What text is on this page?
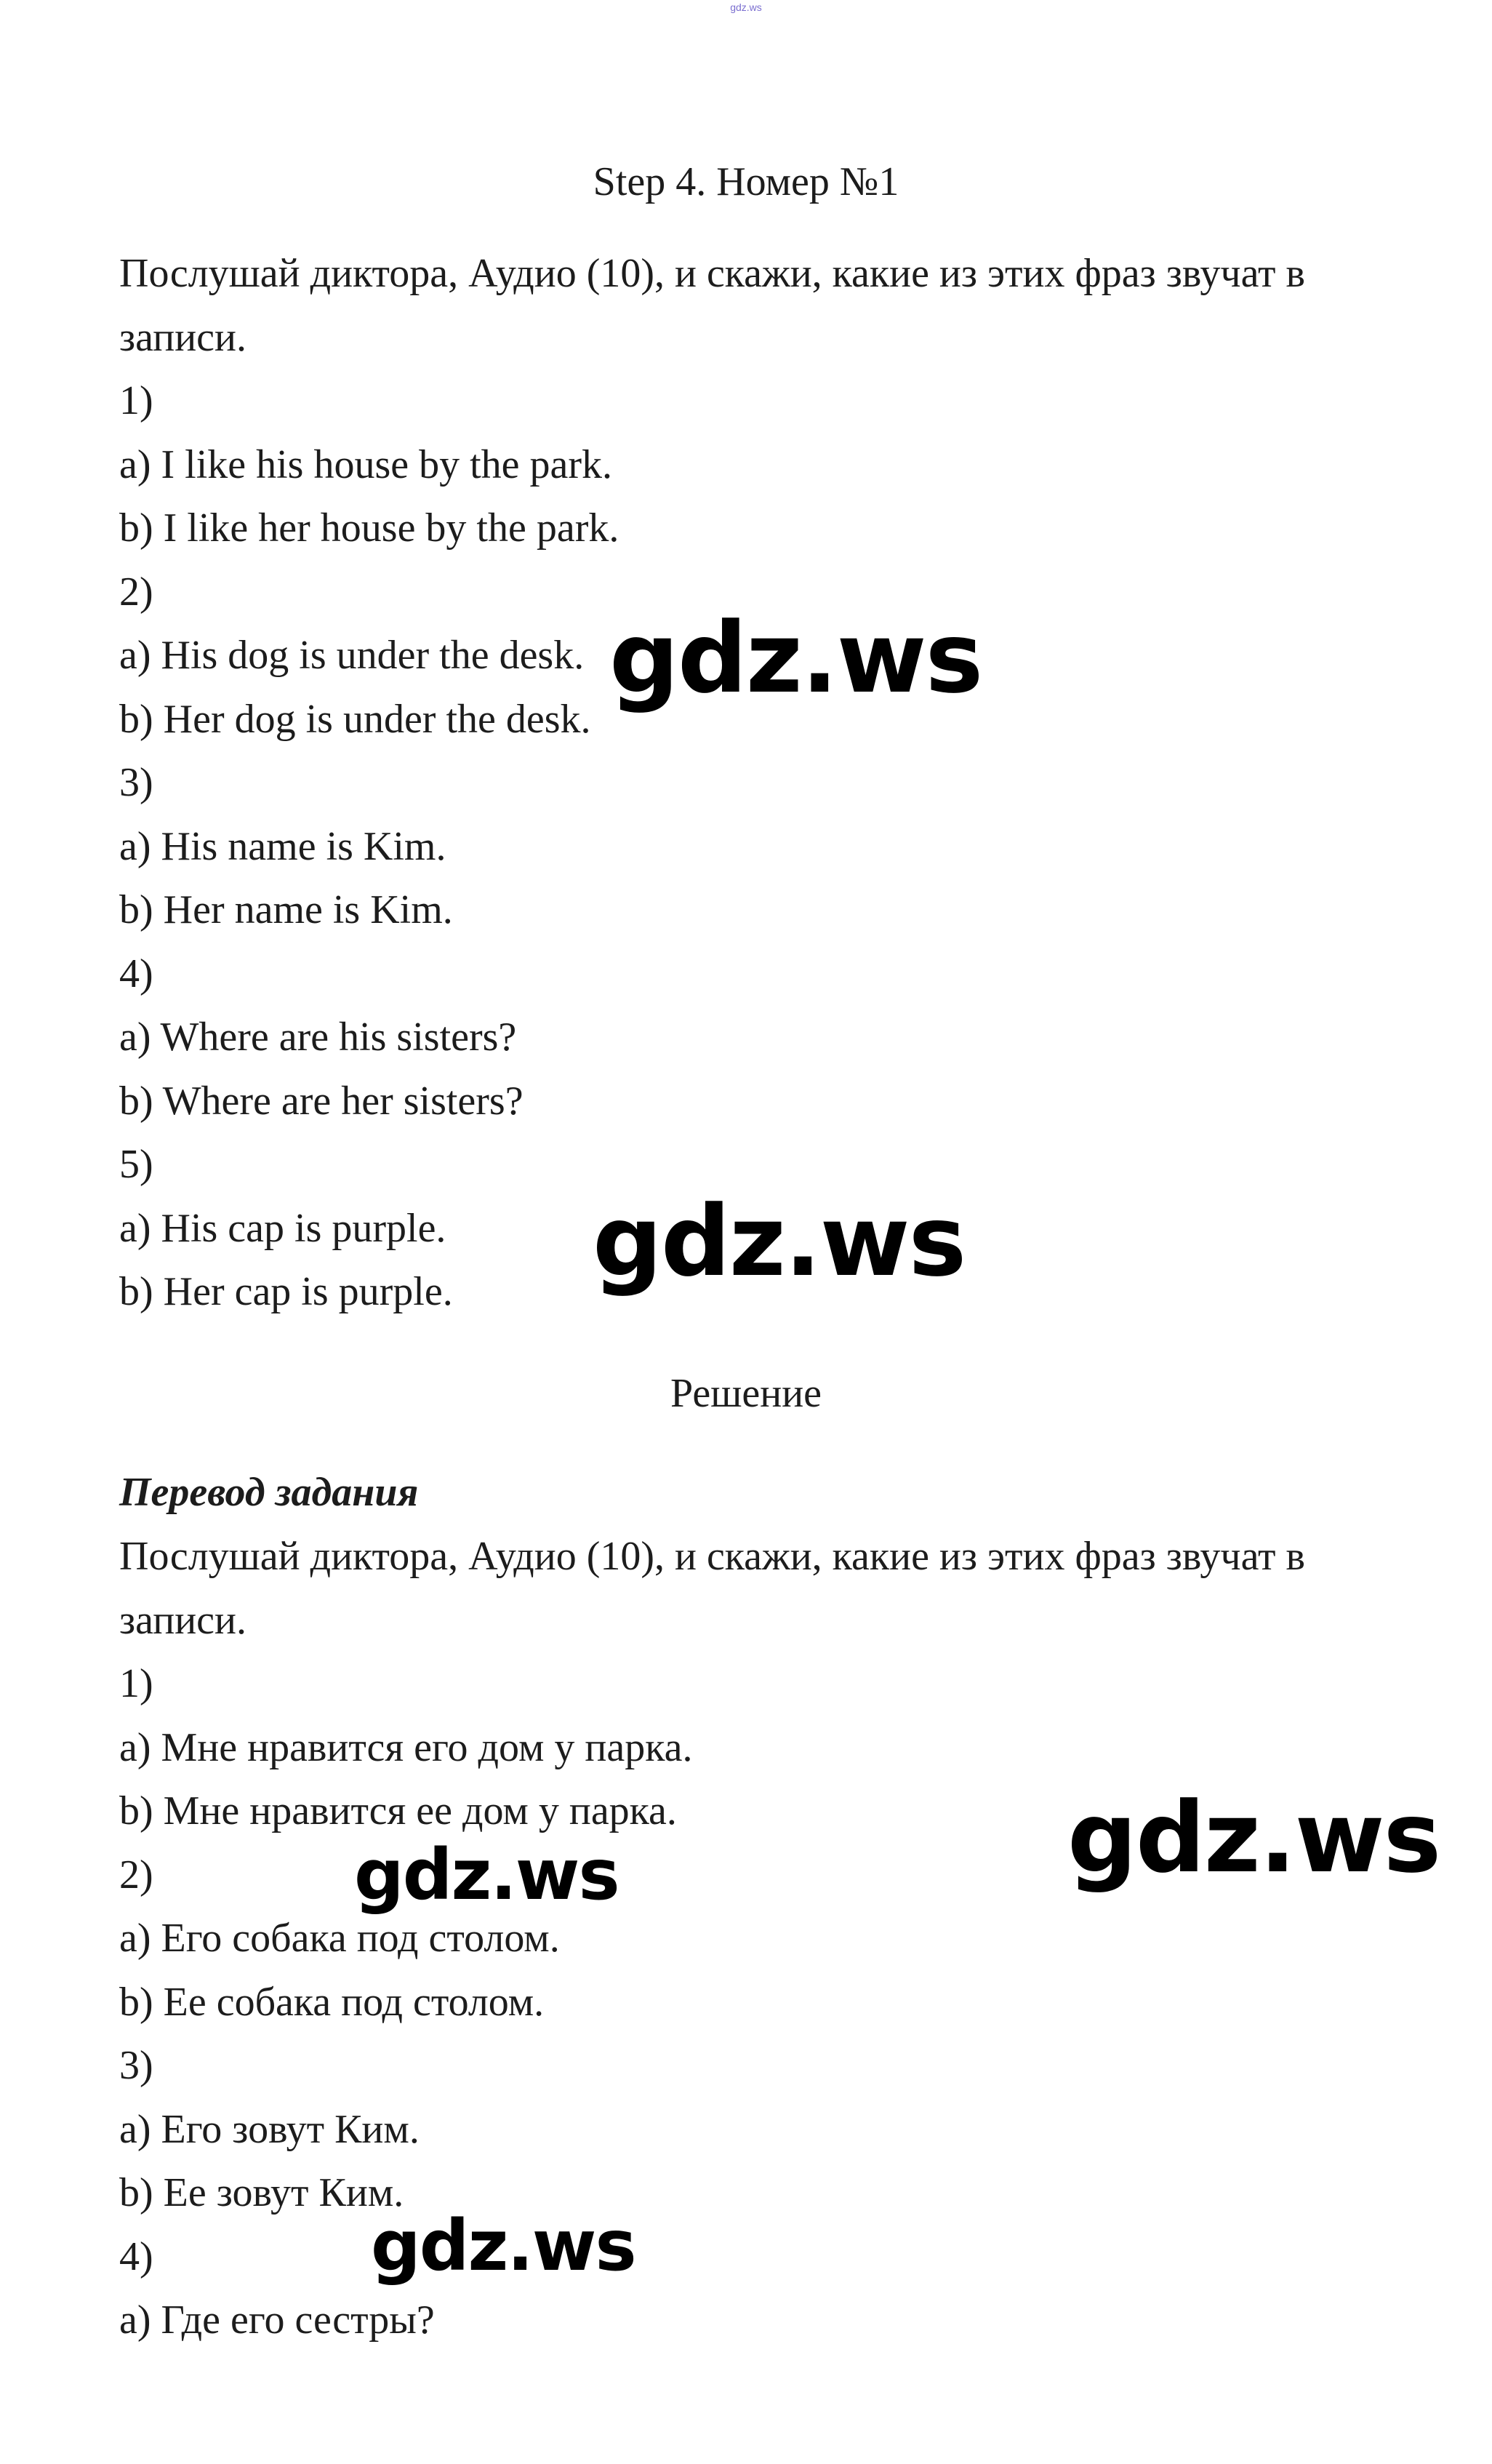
gdz.ws
Step 4. Номер №1
Послушай диктора, Аудио (10), и скажи, какие из этих фраз звучат в записи.
1)
a) I like his house by the park.
b) I like her house by the park.
2)
a) His dog is under the desk.
b) Her dog is under the desk.
3)
a) His name is Kim.
b) Her name is Kim.
4)
a) Where are his sisters?
b) Where are her sisters?
5)
a) His cap is purple.
b) Her cap is purple.
Решение
Перевод задания
Послушай диктора, Аудио (10), и скажи, какие из этих фраз звучат в записи.
1)
a) Мне нравится его дом у парка.
b) Мне нравится ее дом у парка.
2)
a) Его собака под столом.
b) Ее собака под столом.
3)
a) Его зовут Ким.
b) Ее зовут Ким.
4)
a) Где его сестры?
gdz.ws
gdz.ws
gdz.ws
gdz.ws
gdz.ws
